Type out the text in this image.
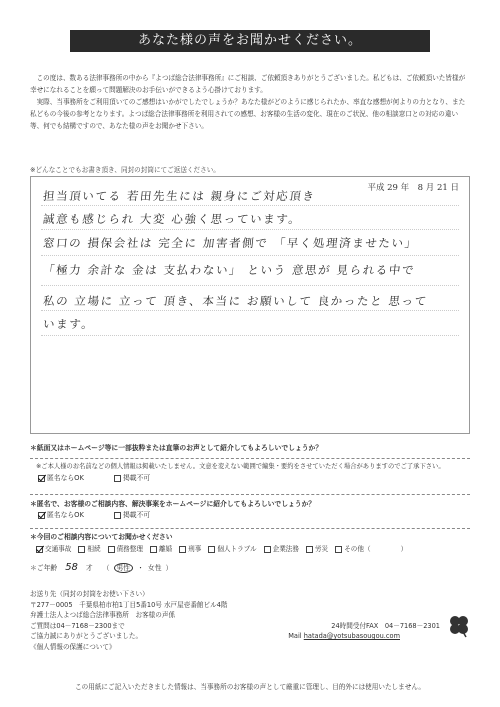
あなた様の声をお聞かせください。

この度は、数ある法律事務所の中から『よつば総合法律事務所』にご相談、ご依頼頂きありがとうございました。私どもは、ご依頼頂いた皆様が幸せになれることを願って問題解決のお手伝いができるよう心掛けております。

実際、当事務所をご利用頂いてのご感想はいかがでしたでしょうか？あなた様がどのように感じられたか、率直な感想が何よりの力となり、また私どもの今後の参考となります。よつば総合法律事務所を利用されての感想、お客様の生活の変化、現在のご状況、他の相談窓口との対応の違い等、何でも結構ですので、あなた様の声をお聞かせ下さい。

※どんなことでもお書き頂き、同封の封筒にてご返送ください。
平成 29 年　8 月 21 日
担当頂いてる 若田先生には 親身にご対応頂き
誠意も感じられ 大変 心強く思っています。
窓口の 損保会社は 完全に 加害者側で 「早く処理済ませたい」
「極力 余計な 金は 支払わない」 という 意思が 見られる中で
私の 立場に 立って 頂き、本当に お願いして 良かったと 思って
います。
＊紙面又はホームページ等に一部抜粋または直筆のお声として紹介してもよろしいでしょうか？
※ご本人様のお名前などの個人情報は掲載いたしません。文意を変えない範囲で編集・要約をさせていただく場合がありますのでご了承下さい。
匿名ならOK	掲載不可
＊匿名で、お客様のご相談内容、解決事案をホームページに紹介してもよろしいでしょうか？
匿名ならOK	掲載不可
＊今回のご相談内容についてお聞かせください
交通事故 相続 債務整理 離婚 刑事 個人トラブル 企業法務 労災 その他（	）
＊ご年齢 58 才 （	男性	・ 女性 ）
お送り先（同封の封筒をお使い下さい）
〒277－0005　千葉県柏市柏1丁目5番10号 水戸屋壱番館ビル4階
弁護士法人よつば総合法律事務所　お客様の声係
ご質問は04－7168－2300まで	24時間受付FAX　04－7168－2301
ご協力誠にありがとうございました。	Mail hatada@yotsubasougou.com
《個人情報の保護について》
この用紙にご記入いただきました情報は、当事務所のお客様の声として厳重に管理し、目的外には使用いたしません。
